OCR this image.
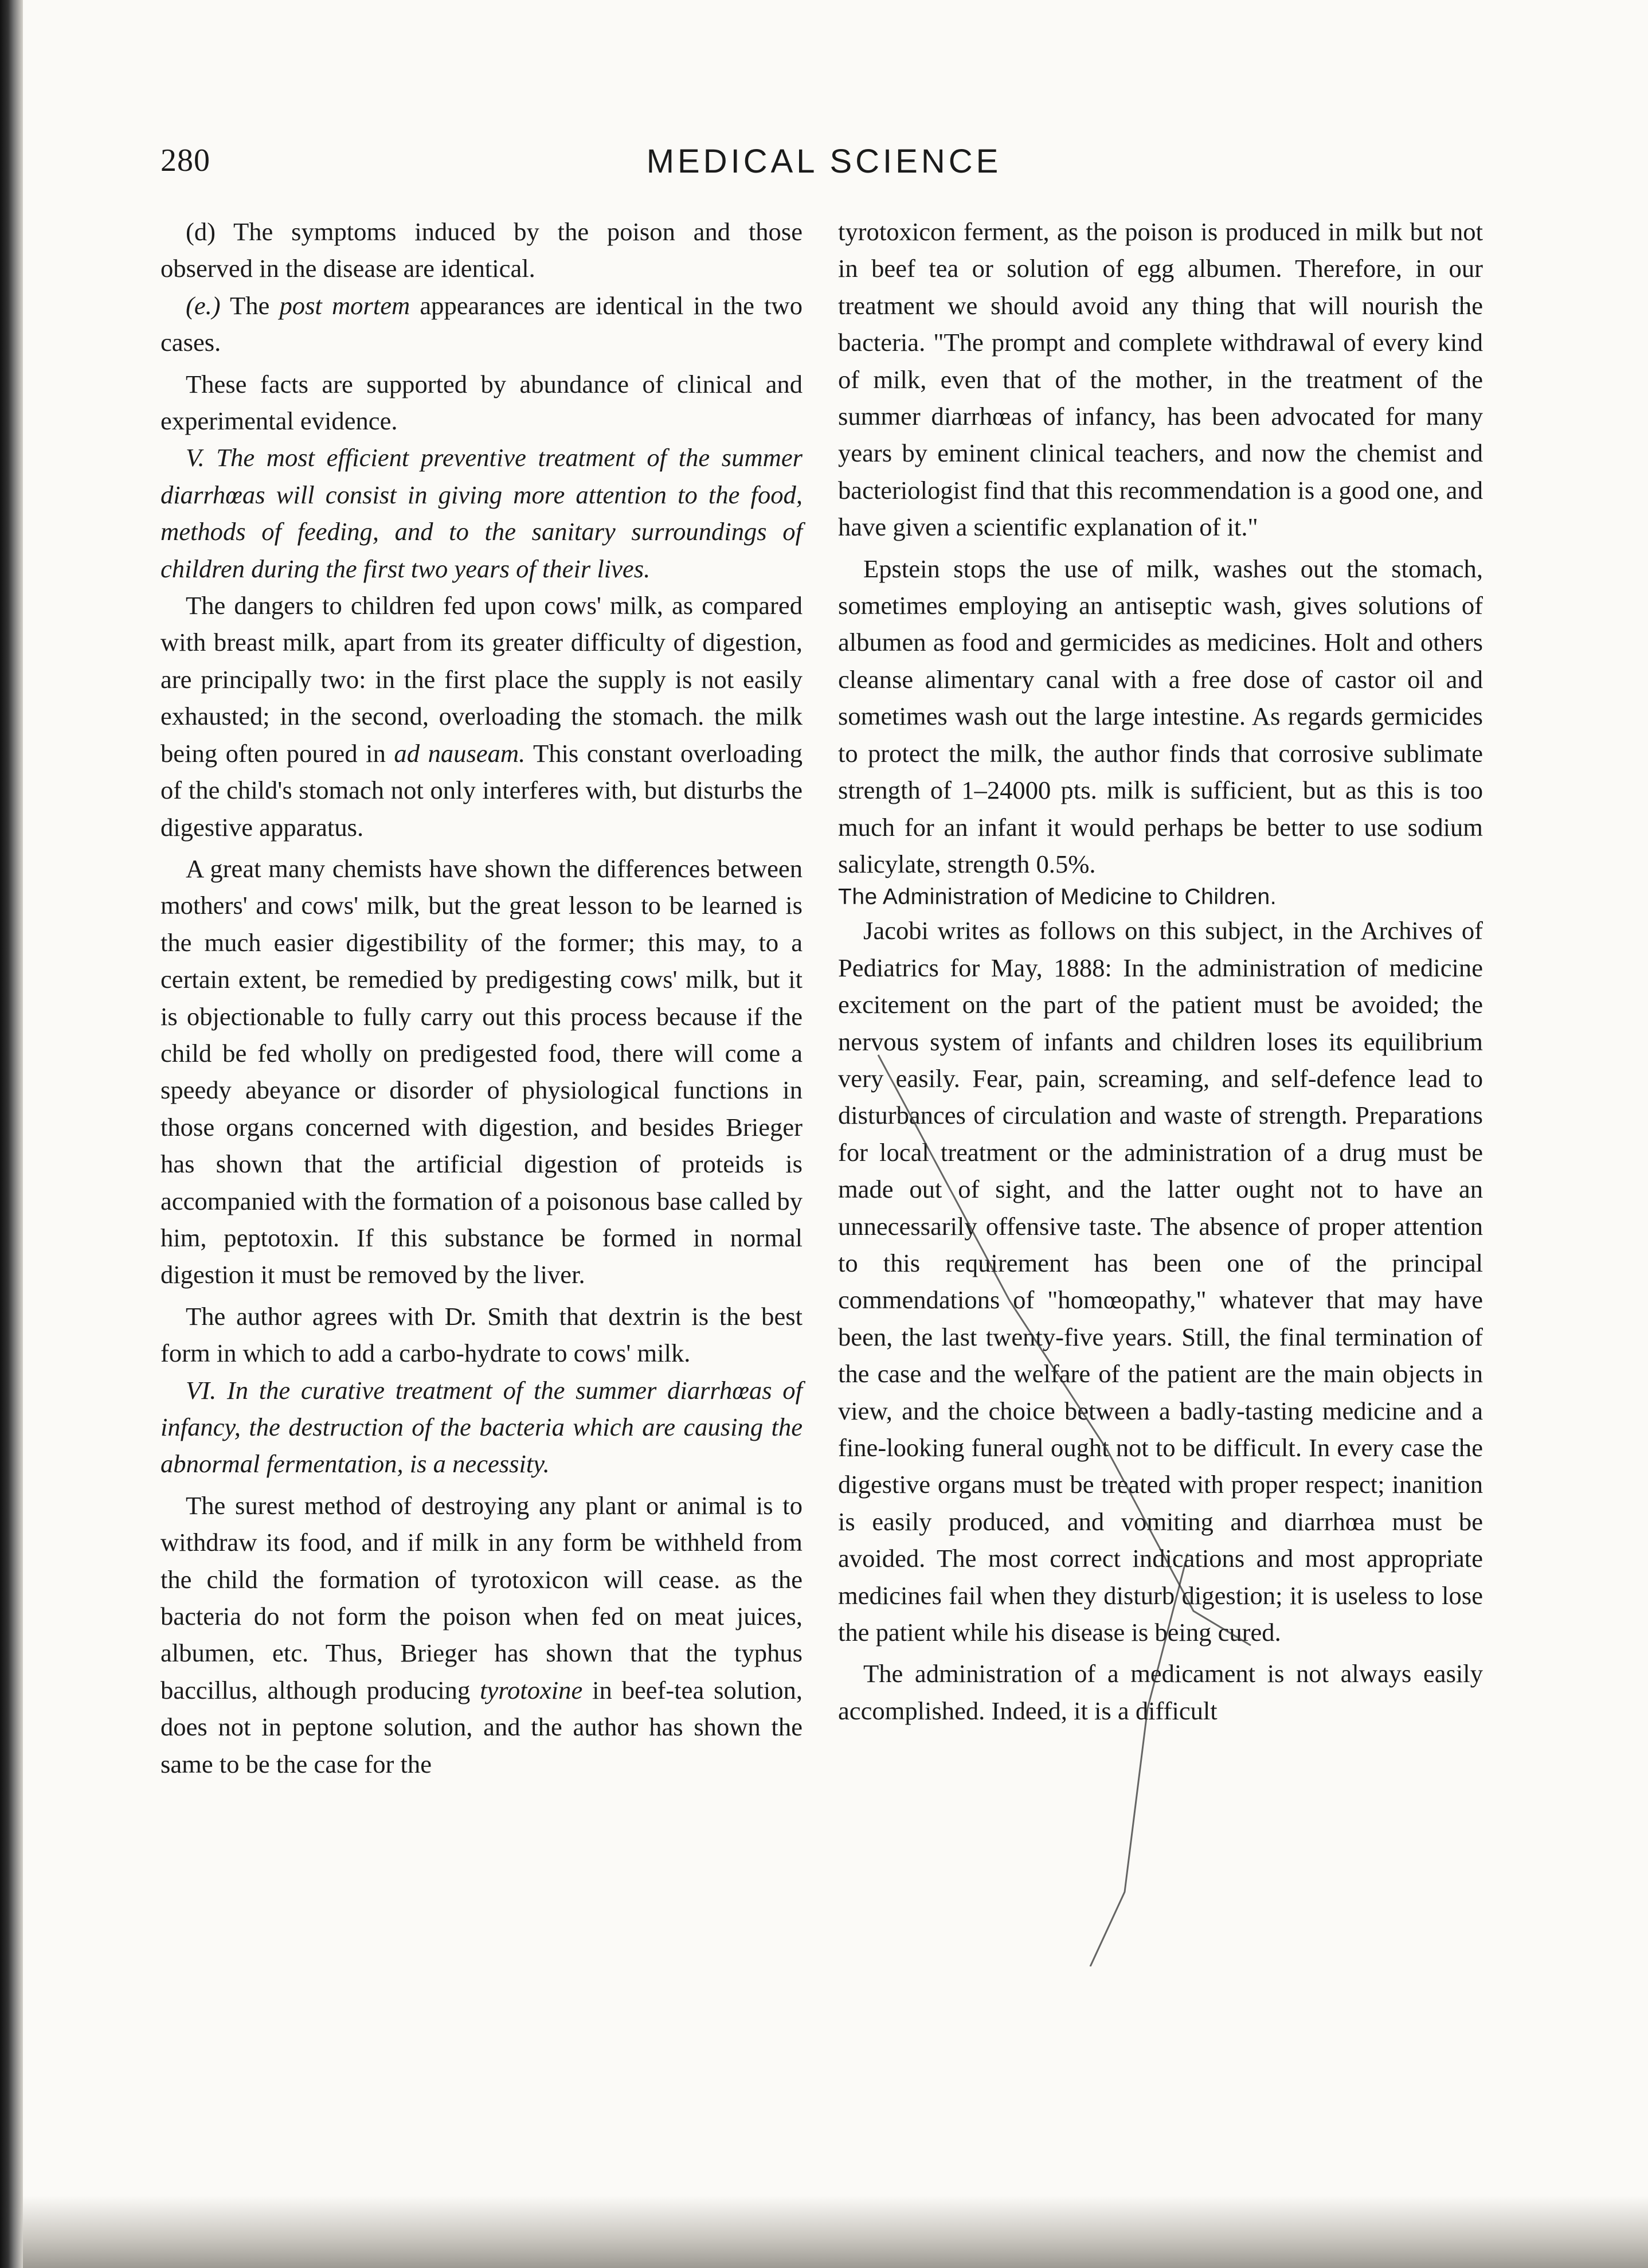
280	MEDICAL SCIENCE

(d) The symptoms induced by the poison and those observed in the disease are identical.

(e.) The post mortem appearances are identical in the two cases.

These facts are supported by abundance of clinical and experimental evidence.

V. The most efficient preventive treatment of the summer diarrhœas will consist in giving more attention to the food, methods of feeding, and to the sanitary surroundings of children during the first two years of their lives.

The dangers to children fed upon cows' milk, as compared with breast milk, apart from its greater difficulty of digestion, are principally two: in the first place the supply is not easily exhausted; in the second, overloading the stomach. the milk being often poured in ad nauseam. This constant overloading of the child's stomach not only interferes with, but disturbs the digestive apparatus.

A great many chemists have shown the differences between mothers' and cows' milk, but the great lesson to be learned is the much easier digestibility of the former; this may, to a certain extent, be remedied by predigesting cows' milk, but it is objectionable to fully carry out this process because if the child be fed wholly on predigested food, there will come a speedy abeyance or disorder of physiological functions in those organs concerned with digestion, and besides Brieger has shown that the artificial digestion of proteids is accompanied with the formation of a poisonous base called by him, peptotoxin. If this substance be formed in normal digestion it must be removed by the liver.

The author agrees with Dr. Smith that dextrin is the best form in which to add a carbo-hydrate to cows' milk.

VI. In the curative treatment of the summer diarrhœas of infancy, the destruction of the bacteria which are causing the abnormal fermentation, is a necessity.

The surest method of destroying any plant or animal is to withdraw its food, and if milk in any form be withheld from the child the formation of tyrotoxicon will cease. as the bacteria do not form the poison when fed on meat juices, albumen, etc. Thus, Brieger has shown that the typhus baccillus, although producing tyrotoxine in beef-tea solution, does not in peptone solution, and the author has shown the same to be the case for the

tyrotoxicon ferment, as the poison is produced in milk but not in beef tea or solution of egg albumen. Therefore, in our treatment we should avoid any thing that will nourish the bacteria. "The prompt and complete withdrawal of every kind of milk, even that of the mother, in the treatment of the summer diarrhœas of infancy, has been advocated for many years by eminent clinical teachers, and now the chemist and bacteriologist find that this recommendation is a good one, and have given a scientific explanation of it."

Epstein stops the use of milk, washes out the stomach, sometimes employing an antiseptic wash, gives solutions of albumen as food and germicides as medicines. Holt and others cleanse alimentary canal with a free dose of castor oil and sometimes wash out the large intestine. As regards germicides to protect the milk, the author finds that corrosive sublimate strength of 1–24000 pts. milk is sufficient, but as this is too much for an infant it would perhaps be better to use sodium salicylate, strength 0.5%.

The Administration of Medicine to Children.

Jacobi writes as follows on this subject, in the Archives of Pediatrics for May, 1888: In the administration of medicine excitement on the part of the patient must be avoided; the nervous system of infants and children loses its equilibrium very easily. Fear, pain, screaming, and self-defence lead to disturbances of circulation and waste of strength. Preparations for local treatment or the administration of a drug must be made out of sight, and the latter ought not to have an unnecessarily offensive taste. The absence of proper attention to this requirement has been one of the principal commendations of "homœopathy," whatever that may have been, the last twenty-five years. Still, the final termination of the case and the welfare of the patient are the main objects in view, and the choice between a badly-tasting medicine and a fine-looking funeral ought not to be difficult. In every case the digestive organs must be treated with proper respect; inanition is easily produced, and vomiting and diarrhœa must be avoided. The most correct indications and most appropriate medicines fail when they disturb digestion; it is useless to lose the patient while his disease is being cured.

The administration of a medicament is not always easily accomplished. Indeed, it is a difficult
